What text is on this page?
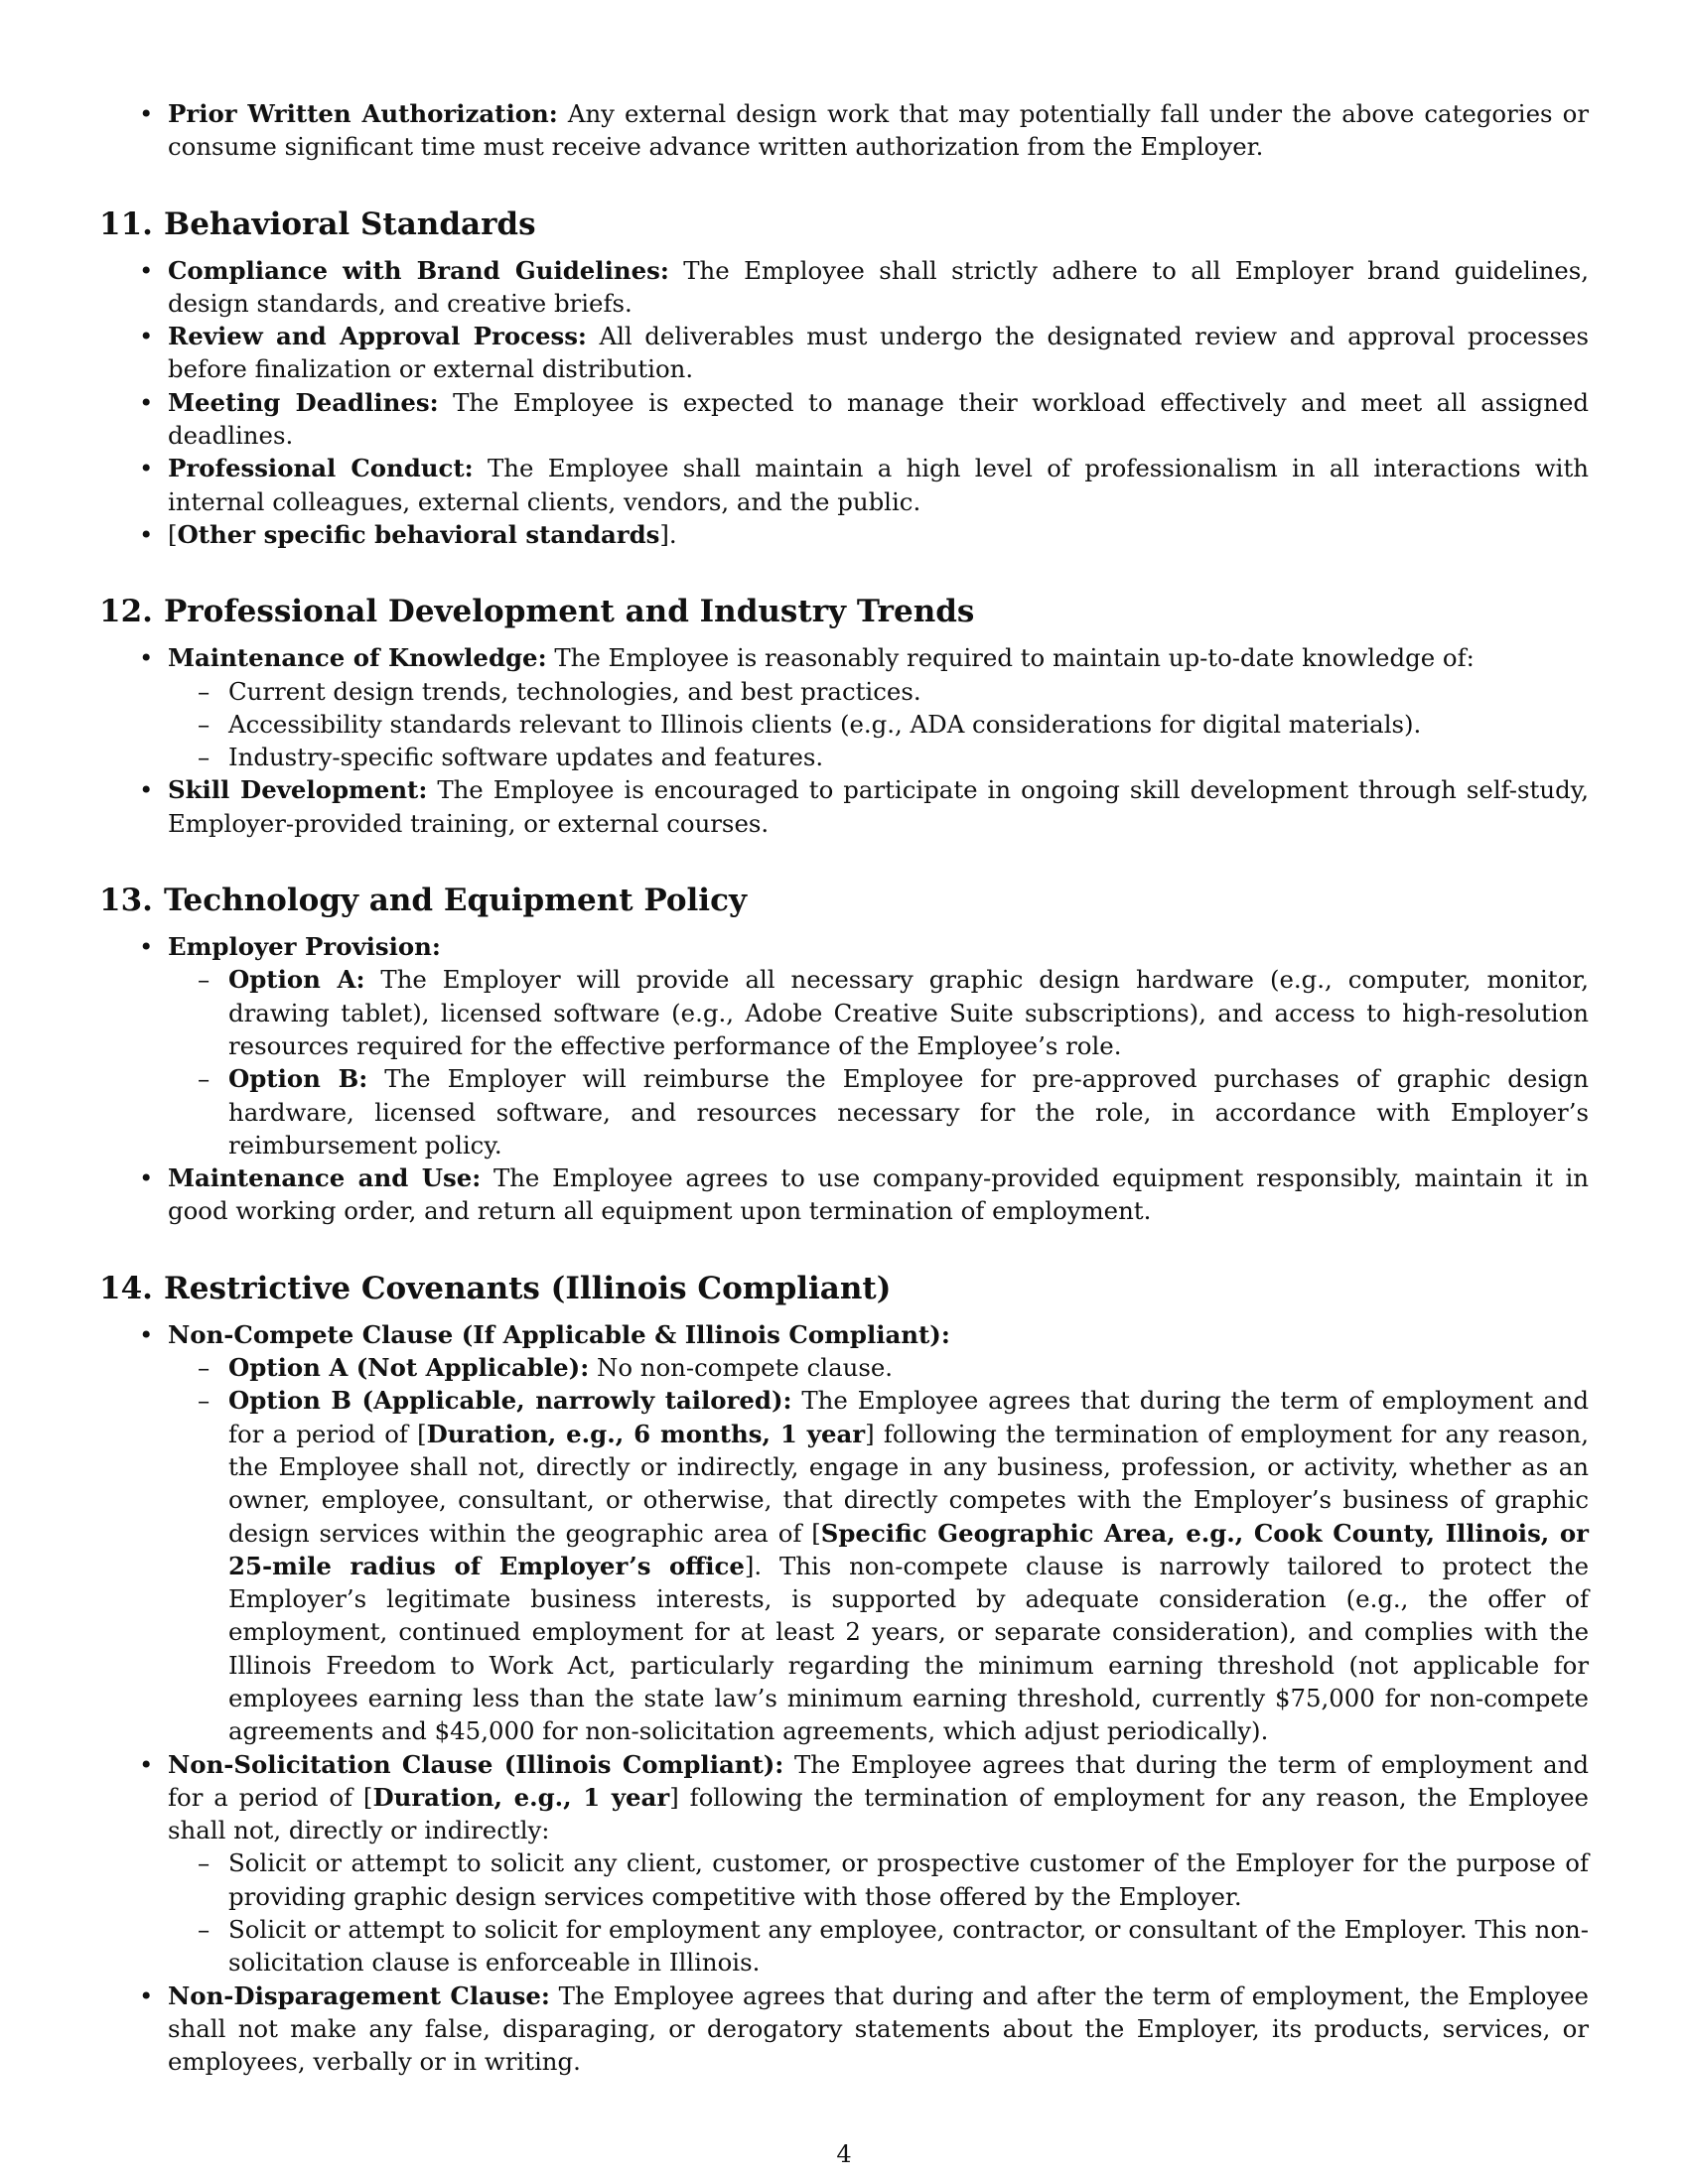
• Prior Written Authorization: Any external design work that may potentially fall under the above categories or consume significant time must receive advance written authorization from the Employer.
11. Behavioral Standards
• Compliance with Brand Guidelines: The Employee shall strictly adhere to all Employer brand guidelines, design standards, and creative briefs.
• Review and Approval Process: All deliverables must undergo the designated review and approval processes before finalization or external distribution.
• Meeting Deadlines: The Employee is expected to manage their workload effectively and meet all assigned deadlines.
• Professional Conduct: The Employee shall maintain a high level of professionalism in all interactions with internal colleagues, external clients, vendors, and the public.
• [Other specific behavioral standards].
12. Professional Development and Industry Trends
• Maintenance of Knowledge: The Employee is reasonably required to maintain up-to-date knowledge of:
– Current design trends, technologies, and best practices.
– Accessibility standards relevant to Illinois clients (e.g., ADA considerations for digital materials).
– Industry-specific software updates and features.
• Skill Development: The Employee is encouraged to participate in ongoing skill development through self-study, Employer-provided training, or external courses.
13. Technology and Equipment Policy
• Employer Provision:
– Option A: The Employer will provide all necessary graphic design hardware (e.g., computer, monitor, drawing tablet), licensed software (e.g., Adobe Creative Suite subscriptions), and access to high-resolution resources required for the effective performance of the Employee’s role.
– Option B: The Employer will reimburse the Employee for pre-approved purchases of graphic design hardware, licensed software, and resources necessary for the role, in accordance with Employer’s reimbursement policy.
• Maintenance and Use: The Employee agrees to use company-provided equipment responsibly, maintain it in good working order, and return all equipment upon termination of employment.
14. Restrictive Covenants (Illinois Compliant)
• Non-Compete Clause (If Applicable & Illinois Compliant):
– Option A (Not Applicable): No non-compete clause.
– Option B (Applicable, narrowly tailored): The Employee agrees that during the term of employment and for a period of [Duration, e.g., 6 months, 1 year] following the termination of employment for any reason, the Employee shall not, directly or indirectly, engage in any business, profession, or activity, whether as an owner, employee, consultant, or otherwise, that directly competes with the Employer’s business of graphic design services within the geographic area of [Specific Geographic Area, e.g., Cook County, Illinois, or 25-mile radius of Employer’s office]. This non-compete clause is narrowly tailored to protect the Employer’s legitimate business interests, is supported by adequate consideration (e.g., the offer of employment, continued employment for at least 2 years, or separate consideration), and complies with the Illinois Freedom to Work Act, particularly regarding the minimum earning threshold (not applicable for employees earning less than the state law’s minimum earning threshold, currently $75,000 for non-compete agreements and $45,000 for non-solicitation agreements, which adjust periodically).
• Non-Solicitation Clause (Illinois Compliant): The Employee agrees that during the term of employment and for a period of [Duration, e.g., 1 year] following the termination of employment for any reason, the Employee shall not, directly or indirectly:
– Solicit or attempt to solicit any client, customer, or prospective customer of the Employer for the purpose of providing graphic design services competitive with those offered by the Employer.
– Solicit or attempt to solicit for employment any employee, contractor, or consultant of the Employer. This non-solicitation clause is enforceable in Illinois.
• Non-Disparagement Clause: The Employee agrees that during and after the term of employment, the Employee shall not make any false, disparaging, or derogatory statements about the Employer, its products, services, or employees, verbally or in writing.
4
